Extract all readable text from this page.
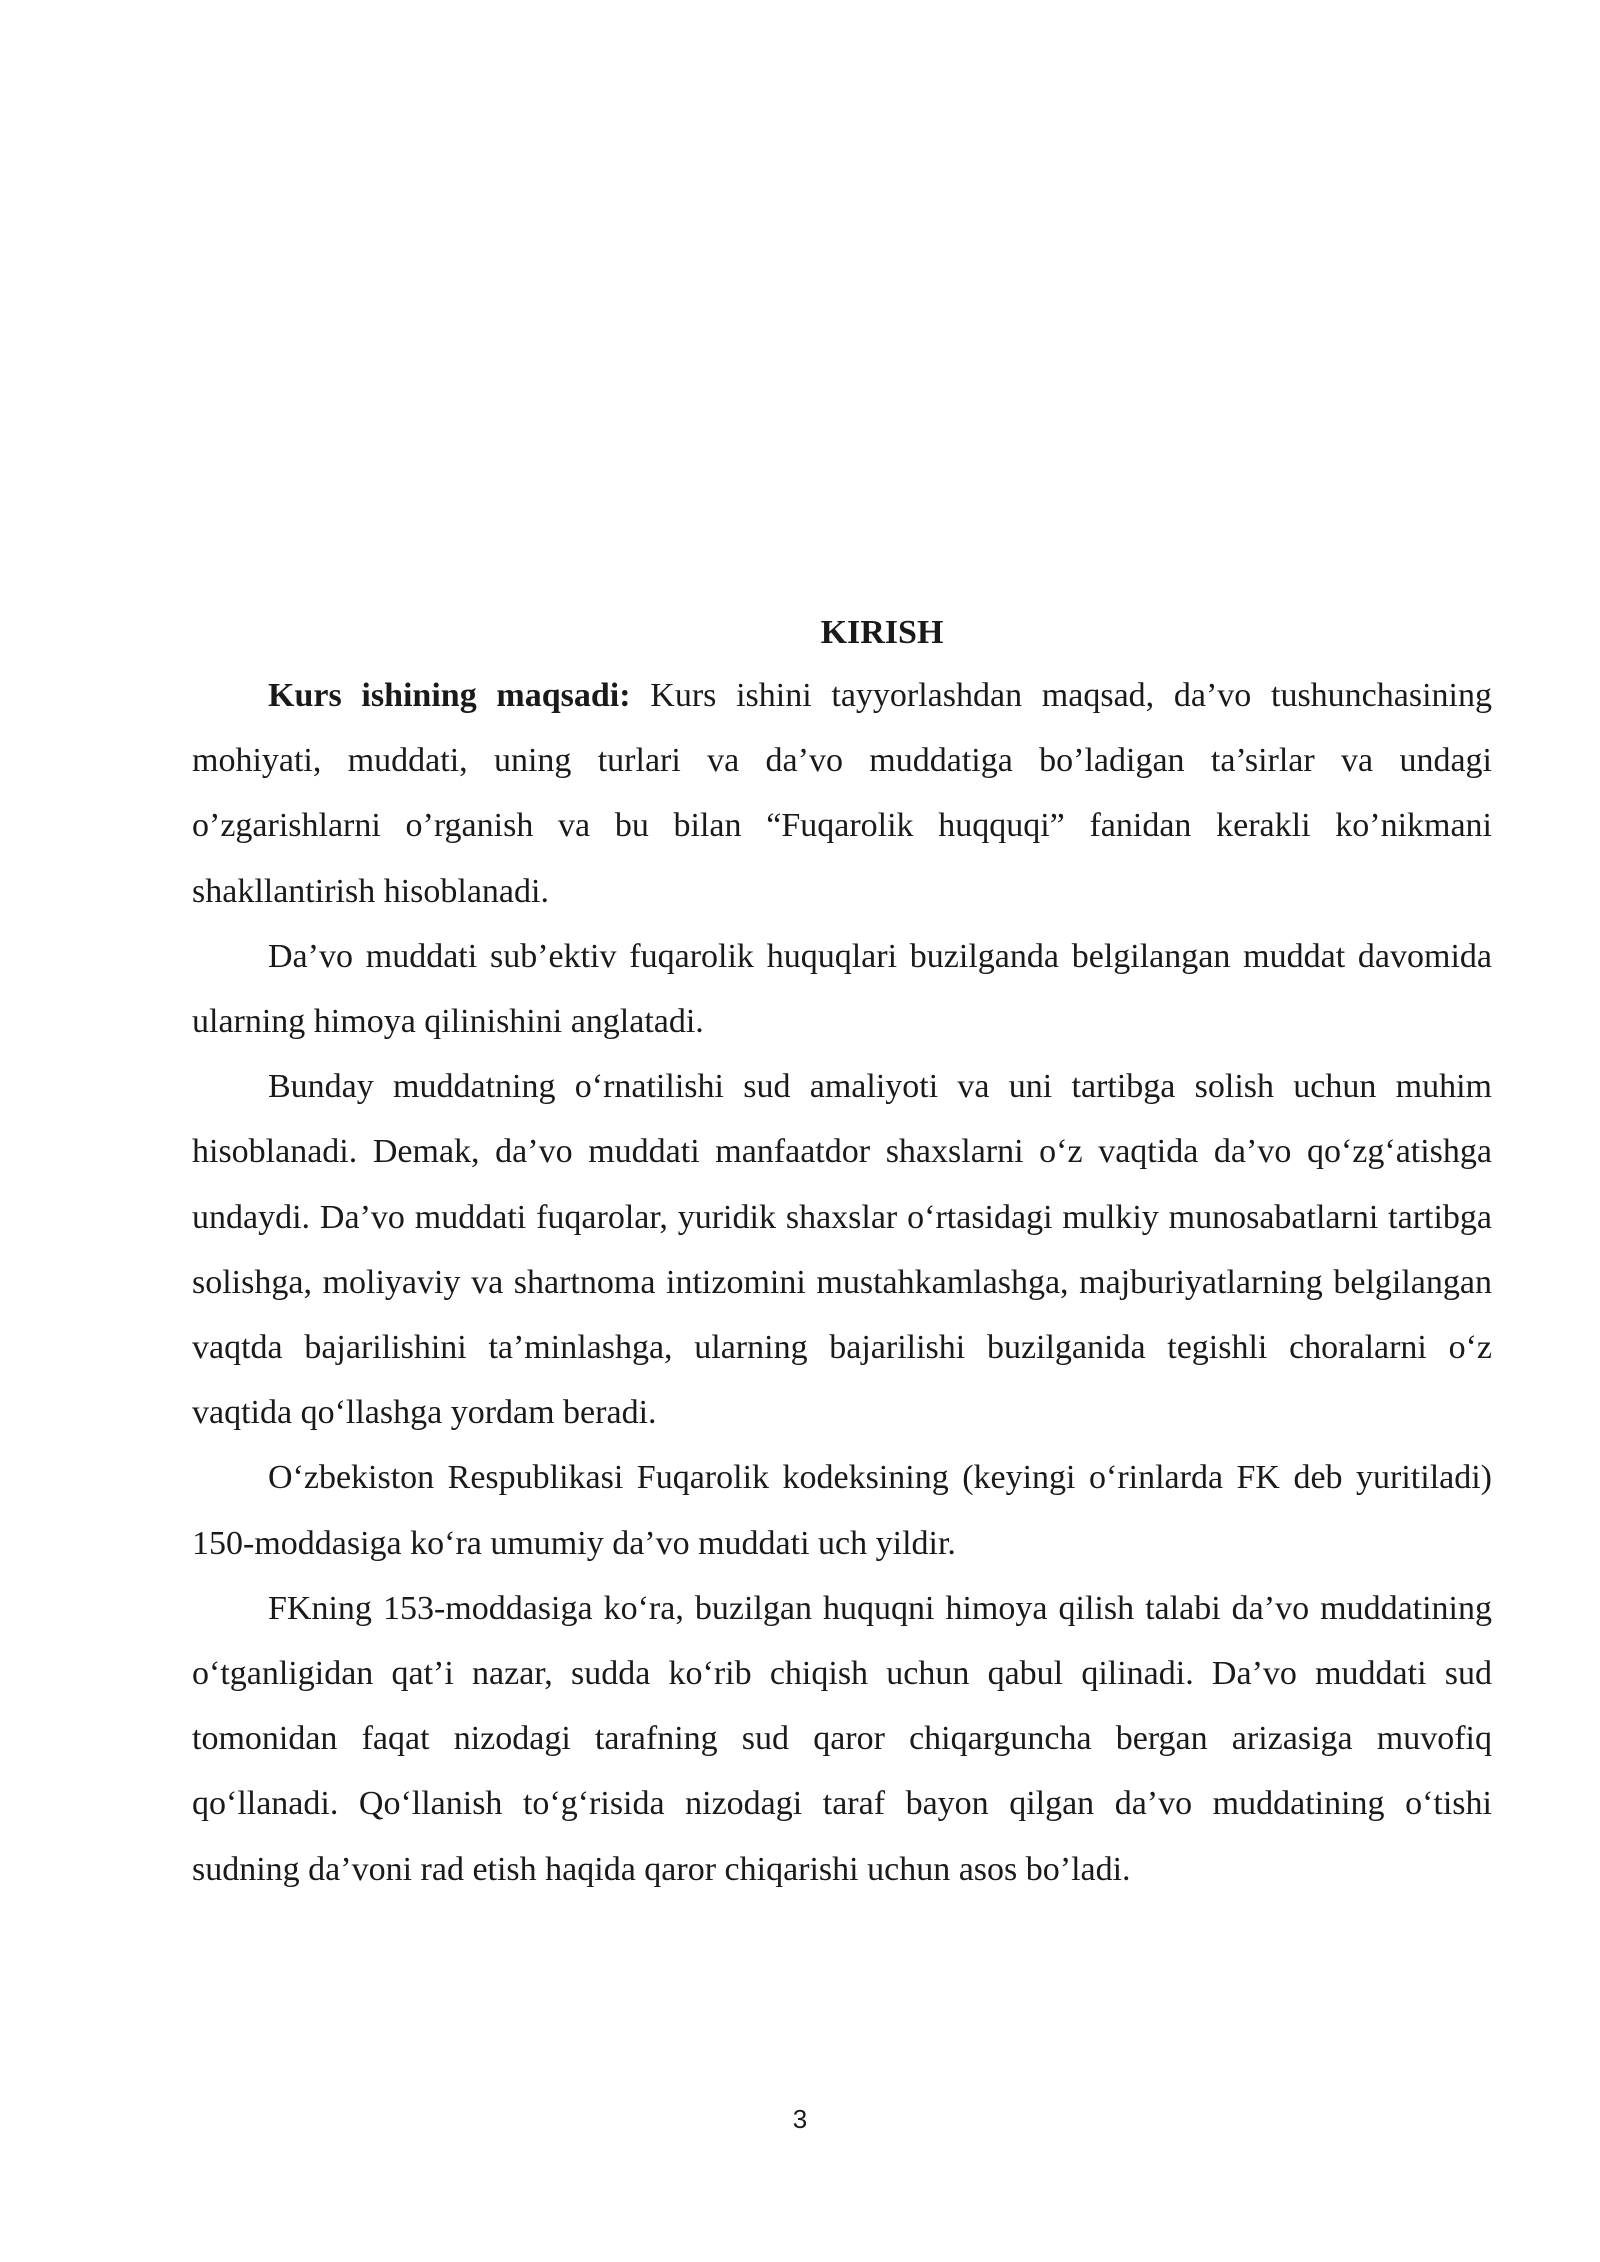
KIRISH

Kurs ishining maqsadi: Kurs ishini tayyorlashdan maqsad, da’vo tushunchasining mohiyati, muddati, uning turlari va da’vo muddatiga bo’ladigan ta’sirlar va undagi o’zgarishlarni o’rganish va bu bilan “Fuqarolik huqquqi” fanidan kerakli ko’nikmani shakllantirish hisoblanadi.

Da’vo muddati sub’ektiv fuqarolik huquqlari buzilganda belgilangan muddat davomida ularning himoya qilinishini anglatadi.

Bunday muddatning o‘rnatilishi sud amaliyoti va uni tartibga solish uchun muhim hisoblanadi. Demak, da’vo muddati manfaatdor shaxslarni o‘z vaqtida da’vo qo‘zg‘atishga undaydi. Da’vo muddati fuqarolar, yuridik shaxslar o‘rtasidagi mulkiy munosabatlarni tartibga solishga, moliyaviy va shartnoma intizomini mustahkamlashga, majburiyatlarning belgilangan vaqtda bajarilishini ta’minlashga, ularning bajarilishi buzilganida tegishli choralarni o‘z vaqtida qo‘llashga yordam beradi.

O‘zbekiston Respublikasi Fuqarolik kodeksining (keyingi o‘rinlarda FK deb yuritiladi) 150-moddasiga ko‘ra umumiy da’vo muddati uch yildir.

FKning 153-moddasiga ko‘ra, buzilgan huquqni himoya qilish talabi da’vo muddatining o‘tganligidan qat’i nazar, sudda ko‘rib chiqish uchun qabul qilinadi. Da’vo muddati sud tomonidan faqat nizodagi tarafning sud qaror chiqarguncha bergan arizasiga muvofiq qo‘llanadi. Qo‘llanish to‘g‘risida nizodagi taraf bayon qilgan da’vo muddatining o‘tishi sudning da’voni rad etish haqida qaror chiqarishi uchun asos bo’ladi.

3
